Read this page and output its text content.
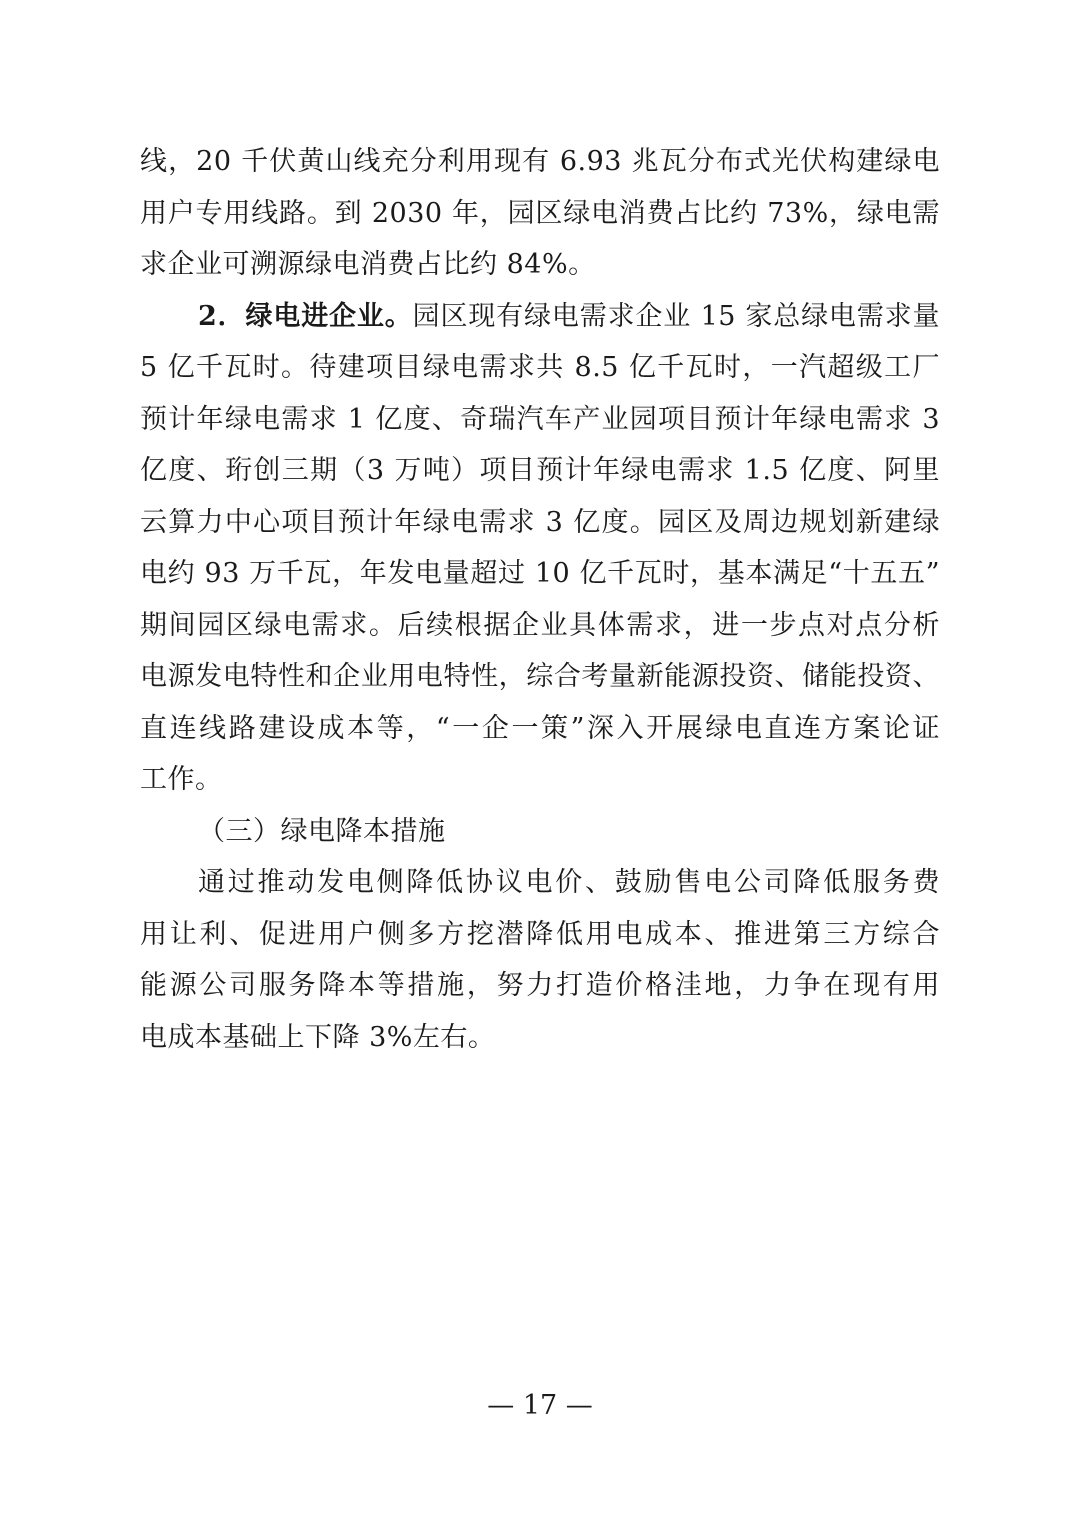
线，20 千伏黄山线充分利用现有 6.93 兆瓦分布式光伏构建绿电
用户专用线路。到 2030 年，园区绿电消费占比约 73%，绿电需
求企业可溯源绿电消费占比约 84%。
2．绿电进企业。园区现有绿电需求企业 15 家总绿电需求量
5 亿千瓦时。待建项目绿电需求共 8.5 亿千瓦时，一汽超级工厂
预计年绿电需求 1 亿度、奇瑞汽车产业园项目预计年绿电需求 3
亿度、珩创三期（3 万吨）项目预计年绿电需求 1.5 亿度、阿里
云算力中心项目预计年绿电需求 3 亿度。园区及周边规划新建绿
电约 93 万千瓦，年发电量超过 10 亿千瓦时，基本满足“十五五”
期间园区绿电需求。后续根据企业具体需求，进一步点对点分析
电源发电特性和企业用电特性，综合考量新能源投资、储能投资、
直连线路建设成本等，“一企一策”深入开展绿电直连方案论证
工作。
（三）绿电降本措施
通过推动发电侧降低协议电价、鼓励售电公司降低服务费
用让利、促进用户侧多方挖潜降低用电成本、推进第三方综合
能源公司服务降本等措施，努力打造价格洼地，力争在现有用
电成本基础上下降 3%左右。
— 17 —
